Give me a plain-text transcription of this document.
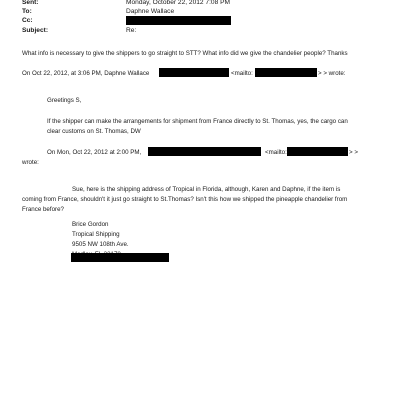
Sent:	Monday, October 22, 2012 7:08 PM
To:	Daphne Wallace
Cc:
Subject:	Re:
What info is necessary to give the shippers to go straight to STT? What info did we give the chandelier people? Thanks
On Oct 22, 2012, at 3:06 PM, Daphne Wallace	<mailto:	> > wrote:
Greetings S,
If the shipper can make the arrangements for shipment from France directly to St. Thomas, yes, the cargo can
clear customs on St. Thomas, DW
On Mon, Oct 22, 2012 at 2:00 PM,	<mailto:	> >
wrote:
Sue, here is the shipping address of Tropical in Florida, although, Karen and Daphne, if the item is
coming from France, shouldn't it just go straight to St.Thomas? Isn't this how we shipped the pineapple chandelier from
France before?
Brice Gordon
Tropical Shipping
9505 NW 108th Ave.
